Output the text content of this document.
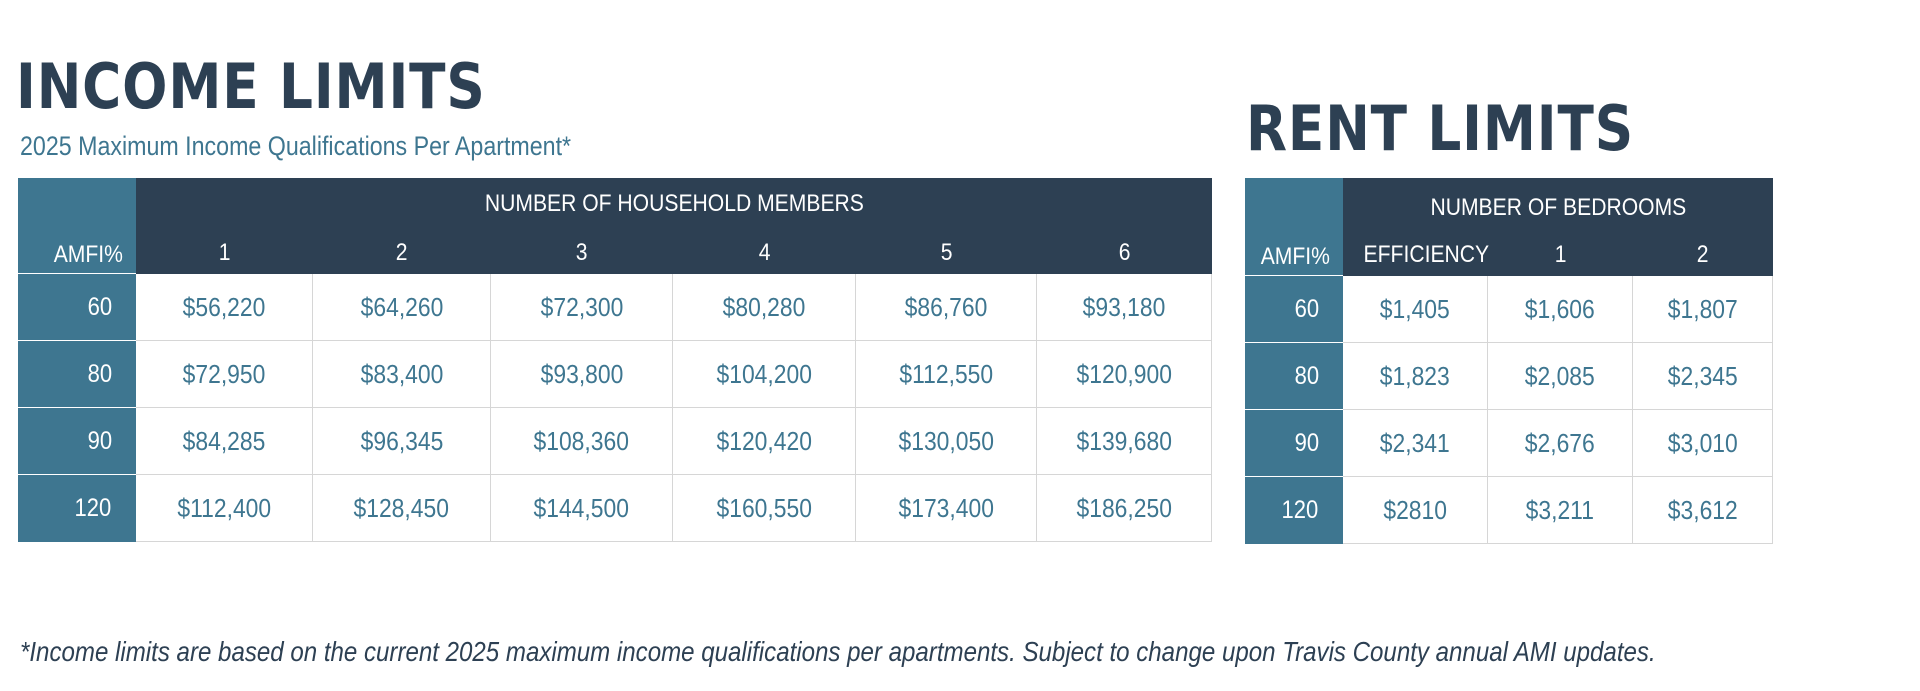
INCOME LIMITS
2025 Maximum Income Qualifications Per Apartment*	RENT LIMITS
AMFI%
NUMBER OF HOUSEHOLD MEMBERS
1	2	3	4	5	6
60	$56,220	$64,260	$72,300	$80,280	$86,760	$93,180
80	$72,950	$83,400	$93,800	$104,200	$112,550	$120,900
90	$84,285	$96,345	$108,360	$120,420	$130,050	$139,680
120	$112,400	$128,450	$144,500	$160,550	$173,400	$186,250
AMFI%
NUMBER OF BEDROOMS
EFFICIENCY	1	2
60 $1,405	$1,606	$1,807
80 $1,823	$2,085	$2,345
90 $2,341	$2,676	$3,010
120 $2810	$3,211	$3,612
*Income limits are based on the current 2025 maximum income qualifications per apartments. Subject to change upon Travis County annual AMI updates.
